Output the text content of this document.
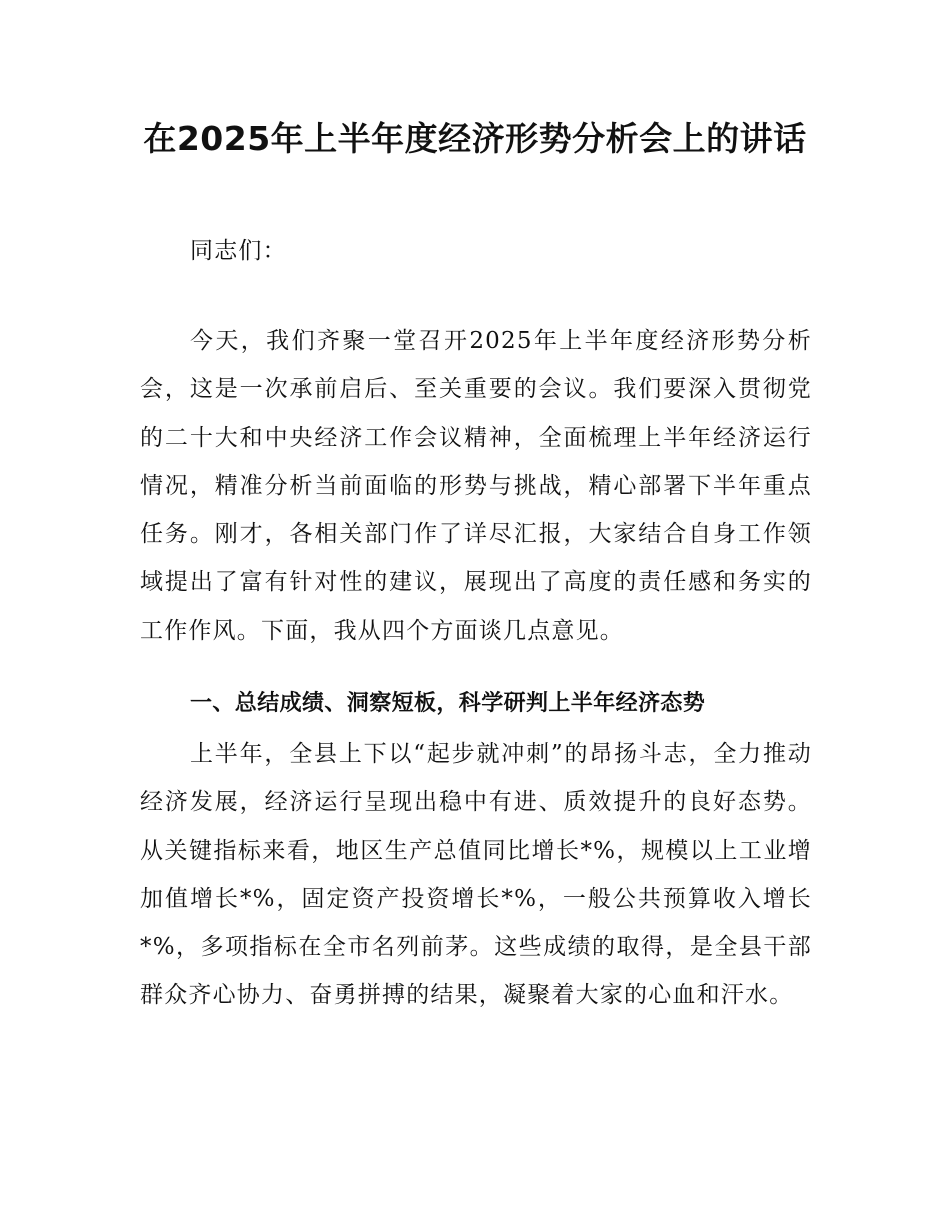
在2025年上半年度经济形势分析会上的讲话

同志们：

今天，我们齐聚一堂召开2025年上半年度经济形势分析会，这是一次承前启后、至关重要的会议。我们要深入贯彻党的二十大和中央经济工作会议精神，全面梳理上半年经济运行情况，精准分析当前面临的形势与挑战，精心部署下半年重点任务。刚才，各相关部门作了详尽汇报，大家结合自身工作领域提出了富有针对性的建议，展现出了高度的责任感和务实的工作作风。下面，我从四个方面谈几点意见。

一、总结成绩、洞察短板，科学研判上半年经济态势

上半年，全县上下以“起步就冲刺”的昂扬斗志，全力推动经济发展，经济运行呈现出稳中有进、质效提升的良好态势。从关键指标来看，地区生产总值同比增长*%，规模以上工业增加值增长*%，固定资产投资增长*%，一般公共预算收入增长*%，多项指标在全市名列前茅。这些成绩的取得，是全县干部群众齐心协力、奋勇拼搏的结果，凝聚着大家的心血和汗水。
